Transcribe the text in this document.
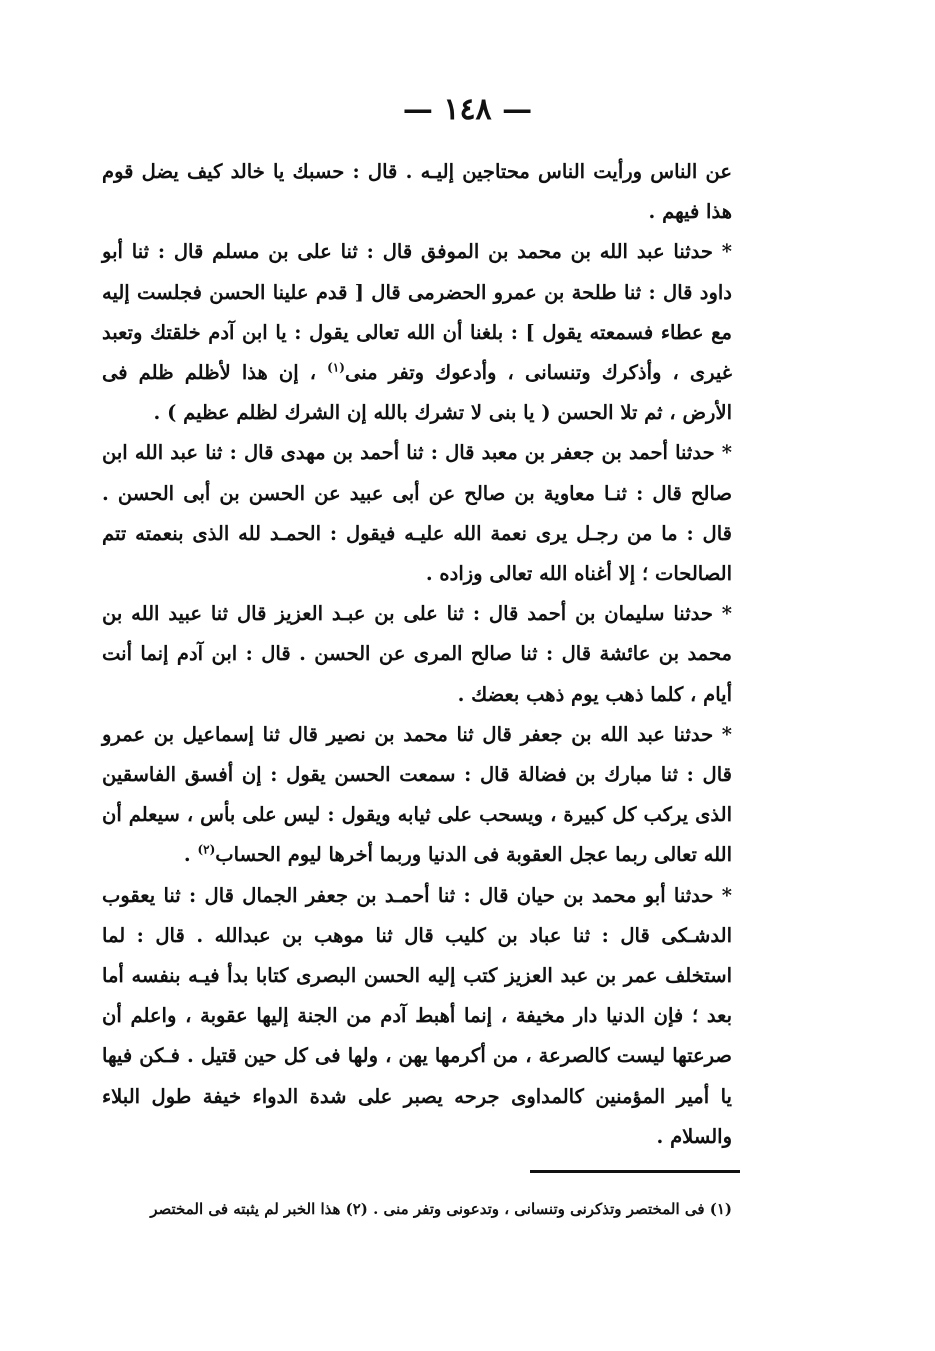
— ١٤٨ —

عن الناس ورأيت الناس محتاجين إليـه . قال : حسبك يا خالد كيف يضل قوم هذا فيهم .

* حدثنا عبد الله بن محمد بن الموفق قال : ثنا على بن مسلم قال : ثنا أبو داود قال : ثنا طلحة بن عمرو الحضرمى قال [ قدم علينا الحسن فجلست إليه مع عطاء فسمعته يقول ] : بلغنا أن الله تعالى يقول : يا ابن آدم خلقتك وتعبد غيرى ، وأذكرك وتنسانى ، وأدعوك وتفر منى$^{(١)}$ ، إن هذا لأظلم ظلم فى الأرض ، ثم تلا الحسن ( يا بنى لا تشرك بالله إن الشرك لظلم عظيم ) .

* حدثنا أحمد بن جعفر بن معبد قال : ثنا أحمد بن مهدى قال : ثنا عبد الله ابن صالح قال : ثنـا معاوية بن صالح عن أبى عبيد عن الحسن بن أبى الحسن . قال : ما من رجـل يرى نعمة الله عليـه فيقول : الحمـد لله الذى بنعمته تتم الصالحات ؛ إلا أغناه الله تعالى وزاده .

* حدثنا سليمان بن أحمد قال : ثنا على بن عبـد العزيز قال ثنا عبيد الله بن محمد بن عائشة قال : ثنا صالح المرى عن الحسن . قال : ابن آدم إنما أنت أيام ، كلما ذهب يوم ذهب بعضك .

* حدثنا عبد الله بن جعفر قال ثنا محمد بن نصير قال ثنا إسماعيل بن عمرو قال : ثنا مبارك بن فضالة قال : سمعت الحسن يقول : إن أفسق الفاسقين الذى يركب كل كبيرة ، ويسحب على ثيابه ويقول : ليس على بأس ، سيعلم أن الله تعالى ربما عجل العقوبة فى الدنيا وربما أخرها ليوم الحساب$^{(٢)}$ .

* حدثنا أبو محمد بن حيان قال : ثنا أحمـد بن جعفر الجمال قال : ثنا يعقوب الدشـكى قال : ثنا عباد بن كليب قال ثنا موهب بن عبدالله . قال : لما استخلف عمر بن عبد العزيز كتب إليه الحسن البصرى كتابا بدأ فيـه بنفسه أما بعد ؛ فإن الدنيا دار مخيفة ، إنما أهبط آدم من الجنة إليها عقوبة ، واعلم أن صرعتها ليست كالصرعة ، من أكرمها يهن ، ولها فى كل حين قتيل . فـكن فيها يا أمير المؤمنين كالمداوى جرحه يصبر على شدة الدواء خيفة طول البلاء والسلام .

(١) فى المختصر وتذكرنى وتنسانى ، وتدعونى وتفر منى . (٢) هذا الخبر لم يثبته فى المختصر
